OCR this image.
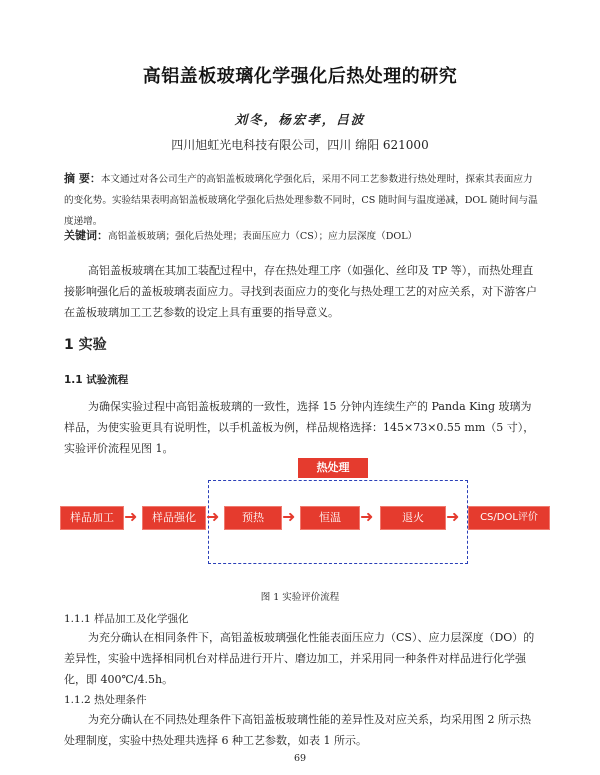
高铝盖板玻璃化学强化后热处理的研究
刘冬，杨宏孝，吕波
四川旭虹光电科技有限公司，四川 绵阳 621000
摘 要：本文通过对各公司生产的高铝盖板玻璃化学强化后，采用不同工艺参数进行热处理时，探索其表面应力的变化势。实验结果表明高铝盖板玻璃化学强化后热处理参数不同时，CS 随时间与温度递减，DOL 随时间与温度递增。
关键词：高铝盖板玻璃；强化后热处理；表面压应力（CS）；应力层深度（DOL）
高铝盖板玻璃在其加工装配过程中，存在热处理工序（如强化、丝印及 TP 等），而热处理直接影响强化后的盖板玻璃表面应力。寻找到表面应力的变化与热处理工艺的对应关系，对下游客户在盖板玻璃加工工艺参数的设定上具有重要的指导意义。
1 实验
1.1 试验流程
为确保实验过程中高铝盖板玻璃的一致性，选择 15 分钟内连续生产的 Panda King 玻璃为样品，为使实验更具有说明性，以手机盖板为例，样品规格选择：145×73×0.55 mm（5 寸），实验评价流程见图 1。
热处理
样品加工 ➜	样品强化 ➜	预热	➜	恒温	➜	退火	➜	CS/DOL评价
图 1 实验评价流程
1.1.1 样品加工及化学强化
为充分确认在相同条件下，高铝盖板玻璃强化性能表面压应力（CS）、应力层深度（DO）的差异性，实验中选择相同机台对样品进行开片、磨边加工，并采用同一种条件对样品进行化学强化，即 400℃/4.5h。
1.1.2 热处理条件
为充分确认在不同热处理条件下高铝盖板玻璃性能的差异性及对应关系，均采用图 2 所示热处理制度，实验中热处理共选择 6 种工艺参数，如表 1 所示。
69
